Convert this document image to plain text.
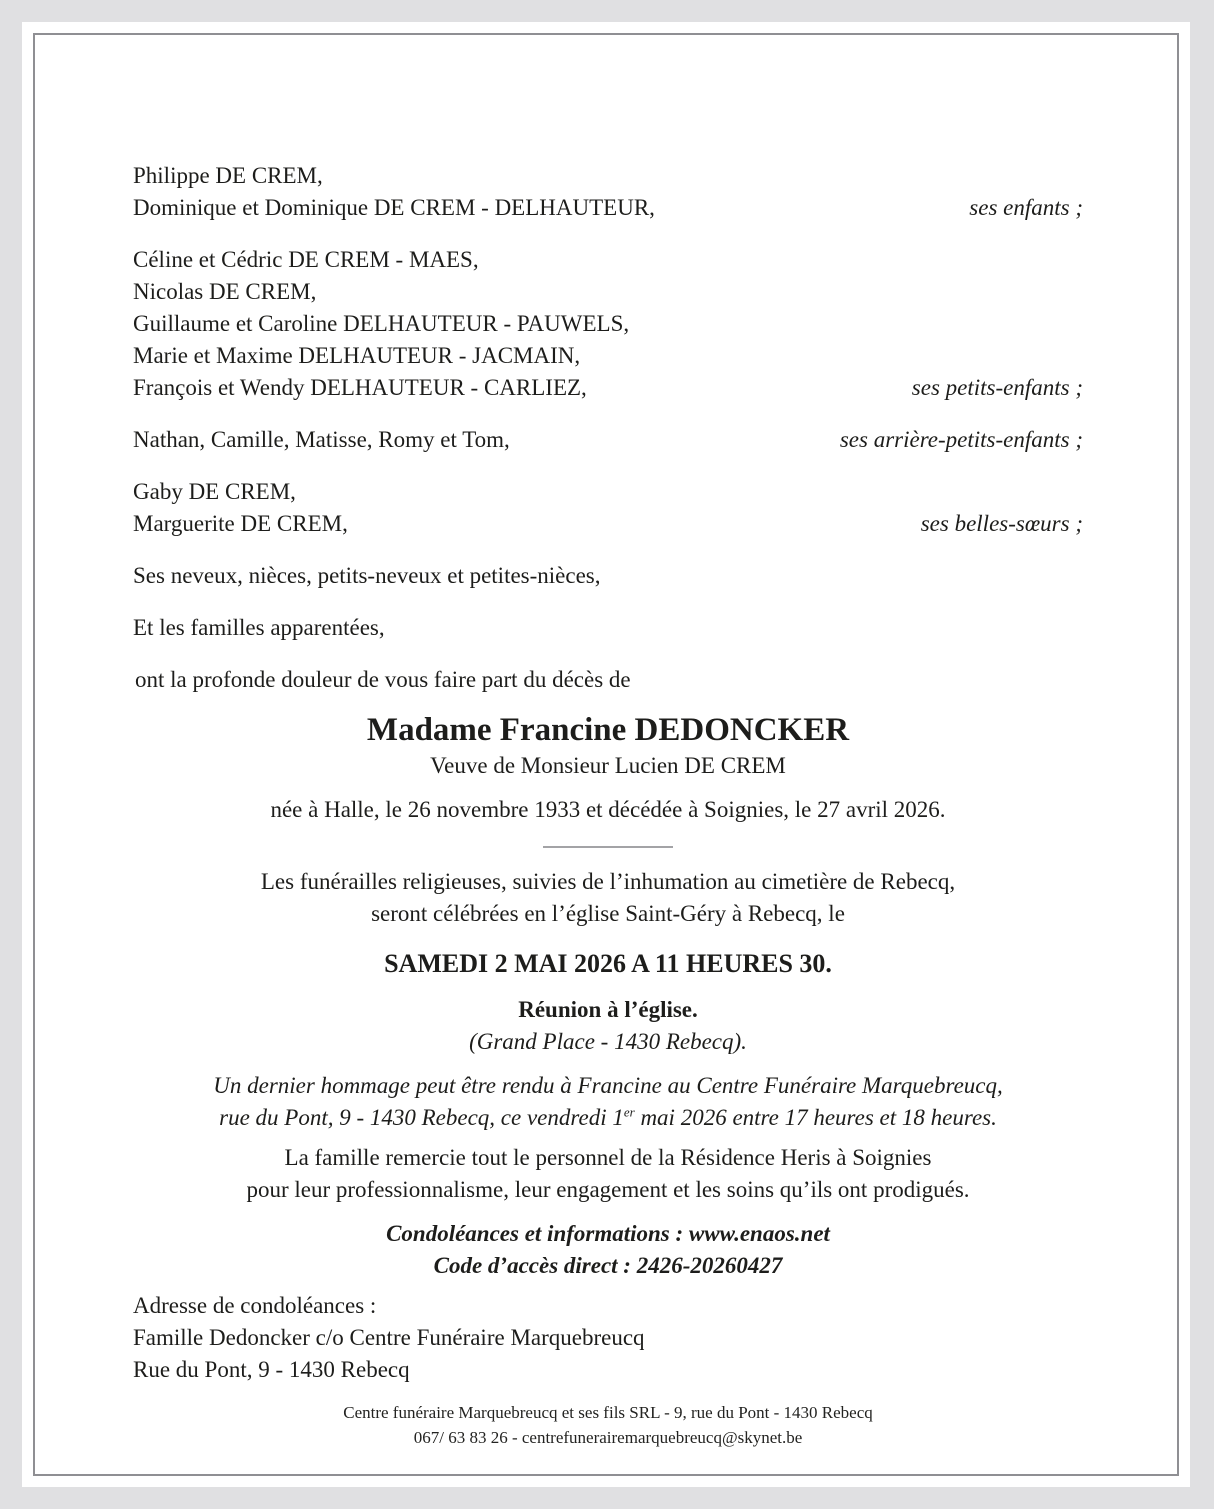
Philippe DE CREM,
Dominique et Dominique DE CREM - DELHAUTEUR,	ses enfants ;
Céline et Cédric DE CREM - MAES,
Nicolas DE CREM,
Guillaume et Caroline DELHAUTEUR - PAUWELS,
Marie et Maxime DELHAUTEUR - JACMAIN,
François et Wendy DELHAUTEUR - CARLIEZ,	ses petits-enfants ;
Nathan, Camille, Matisse, Romy et Tom,	ses arrière-petits-enfants ;
Gaby DE CREM,
Marguerite DE CREM,	ses belles-sœurs ;
Ses neveux, nièces, petits-neveux et petites-nièces,
Et les familles apparentées,

ont la profonde douleur de vous faire part du décès de

Madame Francine DEDONCKER
Veuve de Monsieur Lucien DE CREM
née à Halle, le 26 novembre 1933 et décédée à Soignies, le 27 avril 2026.
Les funérailles religieuses, suivies de l’inhumation au cimetière de Rebecq,
seront célébrées en l’église Saint-Géry à Rebecq, le
SAMEDI 2 MAI 2026 A 11 HEURES 30.
Réunion à l’église.
(Grand Place - 1430 Rebecq).
Un dernier hommage peut être rendu à Francine au Centre Funéraire Marquebreucq,
rue du Pont, 9 - 1430 Rebecq, ce vendredi 1er mai 2026 entre 17 heures et 18 heures.
La famille remercie tout le personnel de la Résidence Heris à Soignies
pour leur professionnalisme, leur engagement et les soins qu’ils ont prodigués.
Condoléances et informations : www.enaos.net
Code d’accès direct : 2426-20260427
Adresse de condoléances :
Famille Dedoncker c/o Centre Funéraire Marquebreucq
Rue du Pont, 9 - 1430 Rebecq
Centre funéraire Marquebreucq et ses fils SRL - 9, rue du Pont - 1430 Rebecq
067/ 63 83 26 - centrefunerairemarquebreucq@skynet.be
